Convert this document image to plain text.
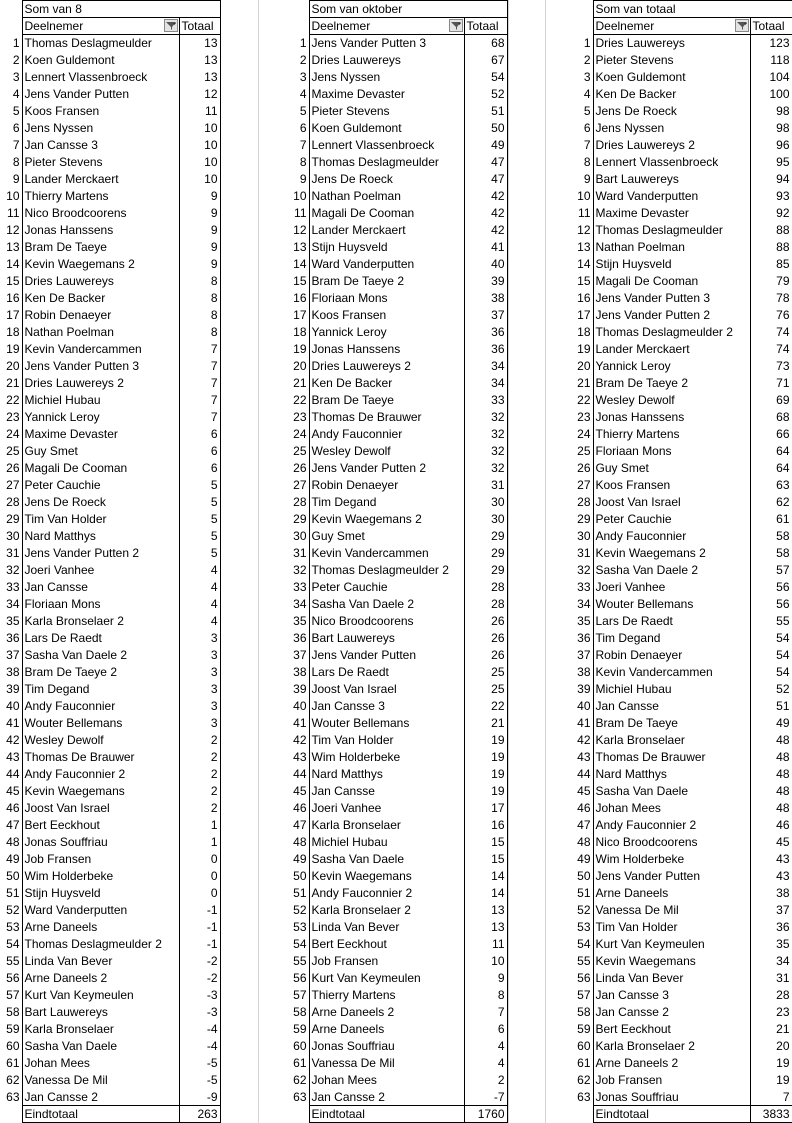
	Som van 8	
	Deelnemer	Totaal
1	Thomas Deslagmeulder	13
2	Koen Guldemont	13
3	Lennert Vlassenbroeck	13
4	Jens Vander Putten	12
5	Koos Fransen	11
6	Jens Nyssen	10
7	Jan Cansse 3	10
8	Pieter Stevens	10
9	Lander Merckaert	10
10	Thierry Martens	9
11	Nico Broodcoorens	9
12	Jonas Hanssens	9
13	Bram De Taeye	9
14	Kevin Waegemans 2	9
15	Dries Lauwereys	8
16	Ken De Backer	8
17	Robin Denaeyer	8
18	Nathan Poelman	8
19	Kevin Vandercammen	7
20	Jens Vander Putten 3	7
21	Dries Lauwereys 2	7
22	Michiel Hubau	7
23	Yannick Leroy	7
24	Maxime Devaster	6
25	Guy Smet	6
26	Magali De Cooman	6
27	Peter Cauchie	5
28	Jens De Roeck	5
29	Tim Van Holder	5
30	Nard Matthys	5
31	Jens Vander Putten 2	5
32	Joeri Vanhee	4
33	Jan Cansse	4
34	Floriaan Mons	4
35	Karla Bronselaer 2	4
36	Lars De Raedt	3
37	Sasha Van Daele 2	3
38	Bram De Taeye 2	3
39	Tim Degand	3
40	Andy Fauconnier	3
41	Wouter Bellemans	3
42	Wesley Dewolf	2
43	Thomas De Brauwer	2
44	Andy Fauconnier 2	2
45	Kevin Waegemans	2
46	Joost Van Israel	2
47	Bert Eeckhout	1
48	Jonas Souffriau	1
49	Job Fransen	0
50	Wim Holderbeke	0
51	Stijn Huysveld	0
52	Ward Vanderputten	-1
53	Arne Daneels	-1
54	Thomas Deslagmeulder 2	-1
55	Linda Van Bever	-2
56	Arne Daneels 2	-2
57	Kurt Van Keymeulen	-3
58	Bart Lauwereys	-3
59	Karla Bronselaer	-4
60	Sasha Van Daele	-4
61	Johan Mees	-5
62	Vanessa De Mil	-5
63	Jan Cansse 2	-9
	Eindtotaal	263
	Som van oktober	
	Deelnemer	Totaal
1	Jens Vander Putten 3	68
2	Dries Lauwereys	67
3	Jens Nyssen	54
4	Maxime Devaster	52
5	Pieter Stevens	51
6	Koen Guldemont	50
7	Lennert Vlassenbroeck	49
8	Thomas Deslagmeulder	47
9	Jens De Roeck	47
10	Nathan Poelman	42
11	Magali De Cooman	42
12	Lander Merckaert	42
13	Stijn Huysveld	41
14	Ward Vanderputten	40
15	Bram De Taeye 2	39
16	Floriaan Mons	38
17	Koos Fransen	37
18	Yannick Leroy	36
19	Jonas Hanssens	36
20	Dries Lauwereys 2	34
21	Ken De Backer	34
22	Bram De Taeye	33
23	Thomas De Brauwer	32
24	Andy Fauconnier	32
25	Wesley Dewolf	32
26	Jens Vander Putten 2	32
27	Robin Denaeyer	31
28	Tim Degand	30
29	Kevin Waegemans 2	30
30	Guy Smet	29
31	Kevin Vandercammen	29
32	Thomas Deslagmeulder 2	29
33	Peter Cauchie	28
34	Sasha Van Daele 2	28
35	Nico Broodcoorens	26
36	Bart Lauwereys	26
37	Jens Vander Putten	26
38	Lars De Raedt	25
39	Joost Van Israel	25
40	Jan Cansse 3	22
41	Wouter Bellemans	21
42	Tim Van Holder	19
43	Wim Holderbeke	19
44	Nard Matthys	19
45	Jan Cansse	19
46	Joeri Vanhee	17
47	Karla Bronselaer	16
48	Michiel Hubau	15
49	Sasha Van Daele	15
50	Kevin Waegemans	14
51	Andy Fauconnier 2	14
52	Karla Bronselaer 2	13
53	Linda Van Bever	13
54	Bert Eeckhout	11
55	Job Fransen	10
56	Kurt Van Keymeulen	9
57	Thierry Martens	8
58	Arne Daneels 2	7
59	Arne Daneels	6
60	Jonas Souffriau	4
61	Vanessa De Mil	4
62	Johan Mees	2
63	Jan Cansse 2	-7
	Eindtotaal	1760
	Som van totaal	
	Deelnemer	Totaal
1	Dries Lauwereys	123
2	Pieter Stevens	118
3	Koen Guldemont	104
4	Ken De Backer	100
5	Jens De Roeck	98
6	Jens Nyssen	98
7	Dries Lauwereys 2	96
8	Lennert Vlassenbroeck	95
9	Bart Lauwereys	94
10	Ward Vanderputten	93
11	Maxime Devaster	92
12	Thomas Deslagmeulder	88
13	Nathan Poelman	88
14	Stijn Huysveld	85
15	Magali De Cooman	79
16	Jens Vander Putten 3	78
17	Jens Vander Putten 2	76
18	Thomas Deslagmeulder 2	74
19	Lander Merckaert	74
20	Yannick Leroy	73
21	Bram De Taeye 2	71
22	Wesley Dewolf	69
23	Jonas Hanssens	68
24	Thierry Martens	66
25	Floriaan Mons	64
26	Guy Smet	64
27	Koos Fransen	63
28	Joost Van Israel	62
29	Peter Cauchie	61
30	Andy Fauconnier	58
31	Kevin Waegemans 2	58
32	Sasha Van Daele 2	57
33	Joeri Vanhee	56
34	Wouter Bellemans	56
35	Lars De Raedt	55
36	Tim Degand	54
37	Robin Denaeyer	54
38	Kevin Vandercammen	54
39	Michiel Hubau	52
40	Jan Cansse	51
41	Bram De Taeye	49
42	Karla Bronselaer	48
43	Thomas De Brauwer	48
44	Nard Matthys	48
45	Sasha Van Daele	48
46	Johan Mees	48
47	Andy Fauconnier 2	46
48	Nico Broodcoorens	45
49	Wim Holderbeke	43
50	Jens Vander Putten	43
51	Arne Daneels	38
52	Vanessa De Mil	37
53	Tim Van Holder	36
54	Kurt Van Keymeulen	35
55	Kevin Waegemans	34
56	Linda Van Bever	31
57	Jan Cansse 3	28
58	Jan Cansse 2	23
59	Bert Eeckhout	21
60	Karla Bronselaer 2	20
61	Arne Daneels 2	19
62	Job Fransen	19
63	Jonas Souffriau	7
	Eindtotaal	3833
